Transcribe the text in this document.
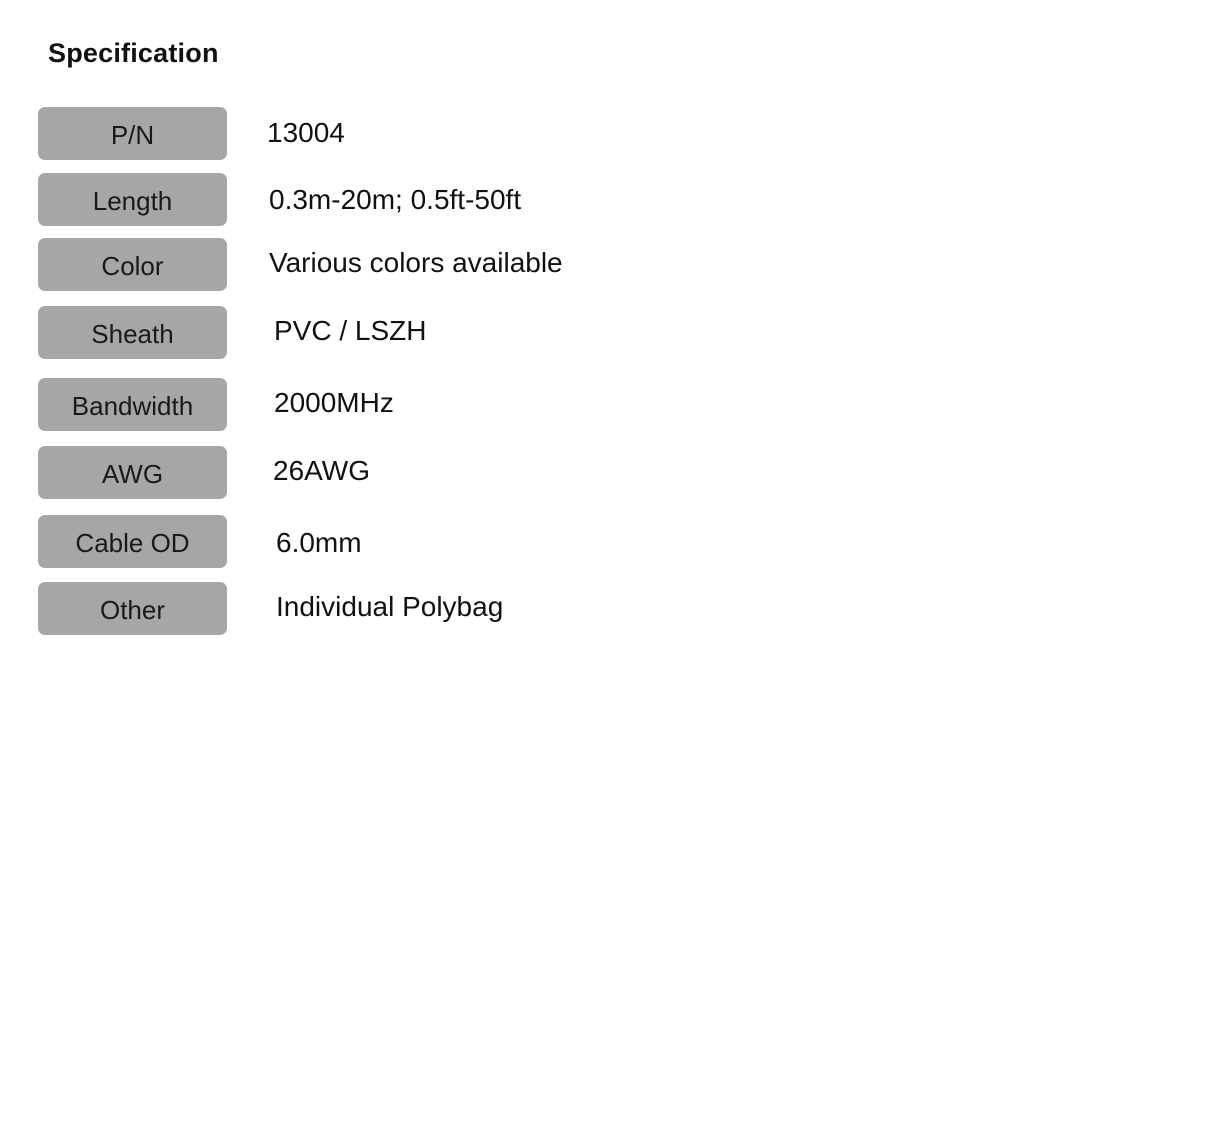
Specification
P/N	13004
Length	0.3m-20m; 0.5ft-50ft
Color	Various colors available
Sheath	PVC / LSZH
Bandwidth	2000MHz
AWG	26AWG
Cable OD	6.0mm
Other	Individual Polybag
